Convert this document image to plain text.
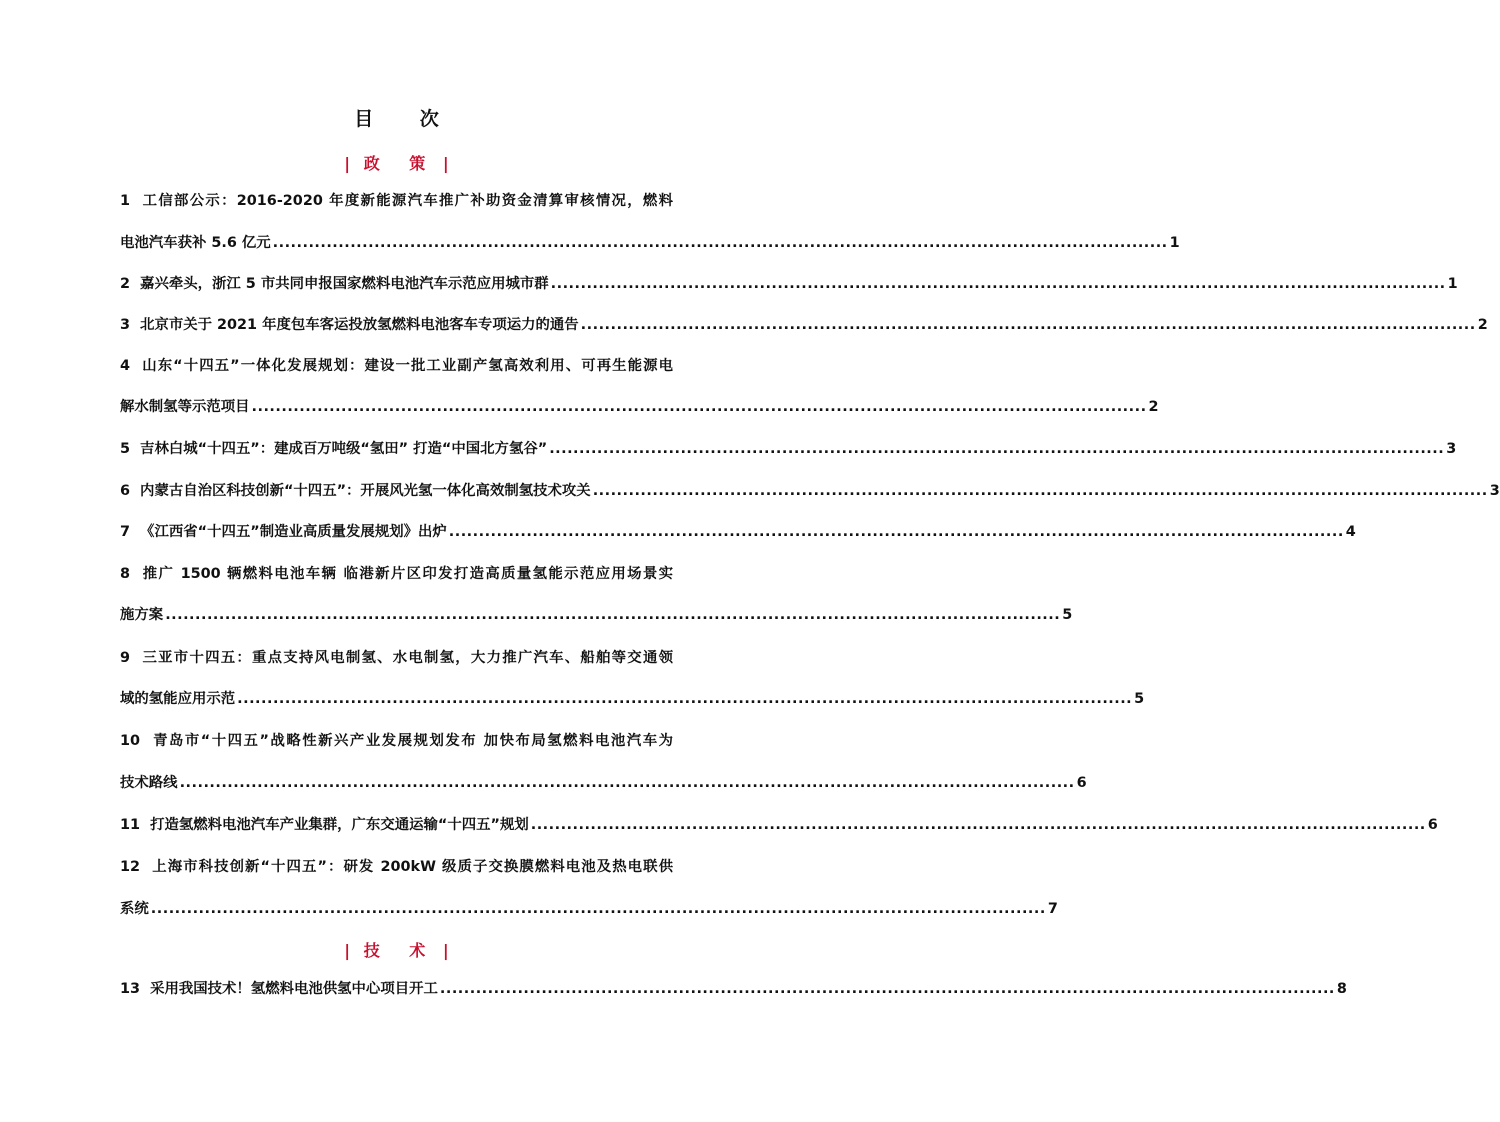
目 次
| 政 策 |
1 工信部公示：2016-2020 年度新能源汽车推广补助资金清算审核情况，燃料
电池汽车获补 5.6 亿元 ...................................................................................................................................................... 1
2 嘉兴牵头，浙江 5 市共同申报国家燃料电池汽车示范应用城市群 ...................................................................................................................................................... 1
3 北京市关于 2021 年度包车客运投放氢燃料电池客车专项运力的通告 ...................................................................................................................................................... 2
4 山东“十四五”一体化发展规划：建设一批工业副产氢高效利用、可再生能源电
解水制氢等示范项目 ...................................................................................................................................................... 2
5 吉林白城“十四五”：建成百万吨级“氢田” 打造“中国北方氢谷” ...................................................................................................................................................... 3
6 内蒙古自治区科技创新“十四五”：开展风光氢一体化高效制氢技术攻关 ...................................................................................................................................................... 3
7 《江西省“十四五”制造业高质量发展规划》出炉 ...................................................................................................................................................... 4
8 推广 1500 辆燃料电池车辆 临港新片区印发打造高质量氢能示范应用场景实
施方案 ...................................................................................................................................................... 5
9 三亚市十四五：重点支持风电制氢、水电制氢，大力推广汽车、船舶等交通领
域的氢能应用示范 ...................................................................................................................................................... 5
10 青岛市“十四五”战略性新兴产业发展规划发布 加快布局氢燃料电池汽车为
技术路线 ...................................................................................................................................................... 6
11 打造氢燃料电池汽车产业集群，广东交通运输“十四五”规划 ...................................................................................................................................................... 6
12 上海市科技创新“十四五”：研发 200kW 级质子交换膜燃料电池及热电联供
系统 ...................................................................................................................................................... 7
| 技 术 |
13 采用我国技术！氢燃料电池供氢中心项目开工 ...................................................................................................................................................... 8
